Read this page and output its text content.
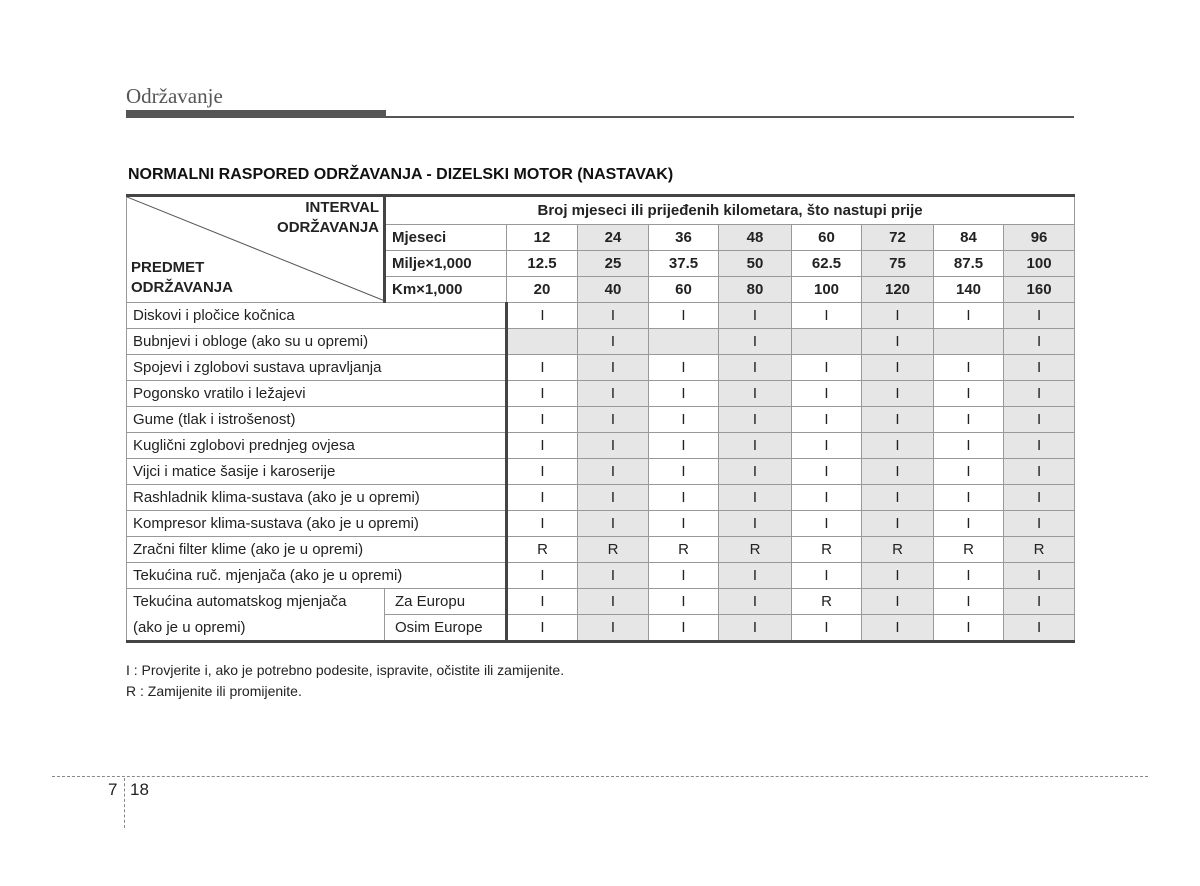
Održavanje
NORMALNI RASPORED ODRŽAVANJA - DIZELSKI MOTOR (NASTAVAK)
INTERVAL
ODRŽAVANJA
PREDMET
ODRŽAVANJA	Broj mjeseci ili prijeđenih kilometara, što nastupi prije								
	Mjeseci	12	24	36	48	60	72	84	96
	Milje×1,000	12.5	25	37.5	50	62.5	75	87.5	100
	Km×1,000	20	40	60	80	100	120	140	160
Diskovi i pločice kočnica		I	I	I	I	I	I	I	I
Bubnjevi i obloge (ako su u opremi)			I		I		I		I
Spojevi i zglobovi sustava upravljanja		I	I	I	I	I	I	I	I
Pogonsko vratilo i ležajevi		I	I	I	I	I	I	I	I
Gume (tlak i istrošenost)		I	I	I	I	I	I	I	I
Kuglični zglobovi prednjeg ovjesa		I	I	I	I	I	I	I	I
Vijci i matice šasije i karoserije		I	I	I	I	I	I	I	I
Rashladnik klima-sustava (ako je u opremi)		I	I	I	I	I	I	I	I
Kompresor klima-sustava (ako je u opremi)		I	I	I	I	I	I	I	I
Zračni filter klime (ako je u opremi)		R	R	R	R	R	R	R	R
Tekućina ruč. mjenjača (ako je u opremi)		I	I	I	I	I	I	I	I
Tekućina automatskog mjenjača	Za Europu	I	I	I	I	R	I	I	I
(ako je u opremi)	Osim Europe	I	I	I	I	I	I	I	I
I : Provjerite i, ako je potrebno podesite, ispravite, očistite ili zamijenite.
R : Zamijenite ili promijenite.
7 18
